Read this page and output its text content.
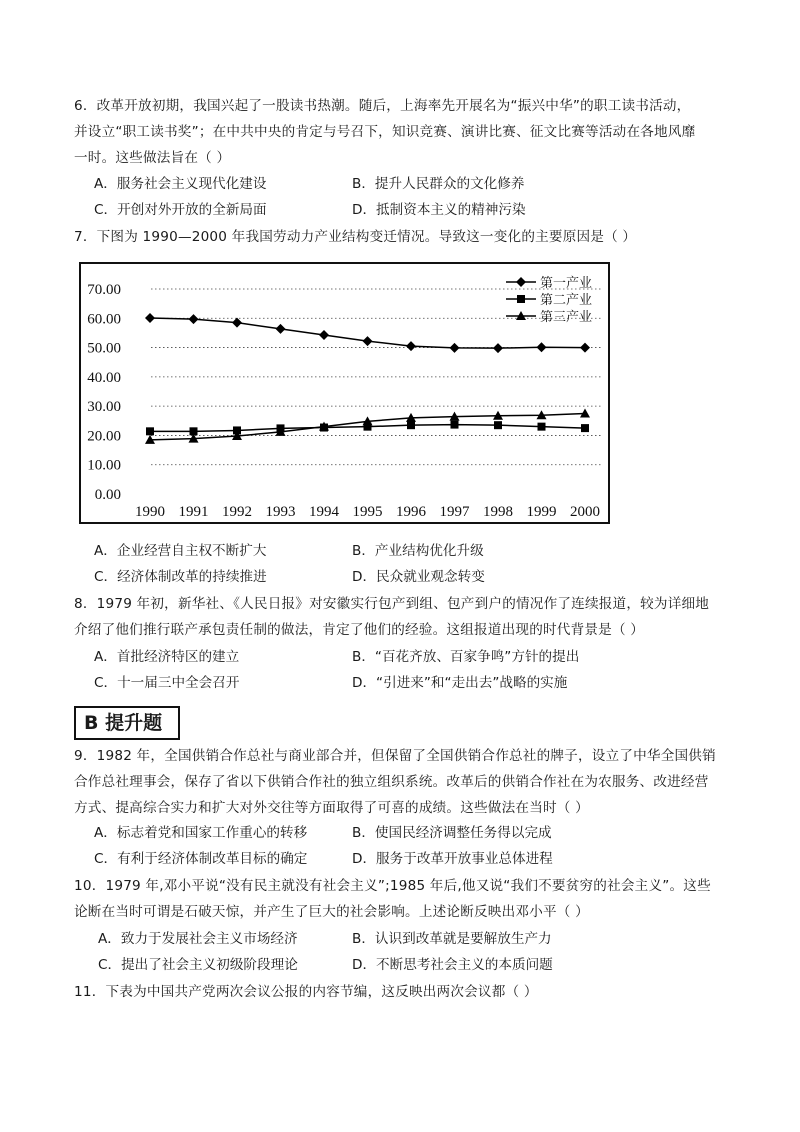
6．改革开放初期，我国兴起了一股读书热潮。随后，上海率先开展名为“振兴中华”的职工读书活动，
并设立“职工读书奖”；在中共中央的肯定与号召下，知识竞赛、演讲比赛、征文比赛等活动在各地风靡
一时。这些做法旨在（ ）
A．服务社会主义现代化建设	B．提升人民群众的文化修养
C．开创对外开放的全新局面	D．抵制资本主义的精神污染
7．下图为 1990—2000 年我国劳动力产业结构变迁情况。导致这一变化的主要原因是（ ）
0.00
10.00
20.00
30.00
40.00
50.00
60.00
70.00
1990 1991 1992 1993 1994 1995 1996 1997 1998 1999 2000
第一产业
第二产业
第三产业
A．企业经营自主权不断扩大	B．产业结构优化升级
C．经济体制改革的持续推进	D．民众就业观念转变
8．1979 年初，新华社、《人民日报》对安徽实行包产到组、包产到户的情况作了连续报道，较为详细地
介绍了他们推行联产承包责任制的做法，肯定了他们的经验。这组报道出现的时代背景是（ ）
A．首批经济特区的建立	B．“百花齐放、百家争鸣”方针的提出
C．十一届三中全会召开	D．“引进来”和“走出去”战略的实施
B 提升题
9．1982 年，全国供销合作总社与商业部合并，但保留了全国供销合作总社的牌子，设立了中华全国供销
合作总社理事会，保存了省以下供销合作社的独立组织系统。改革后的供销合作社在为农服务、改进经营
方式、提高综合实力和扩大对外交往等方面取得了可喜的成绩。这些做法在当时（ ）
A．标志着党和国家工作重心的转移	B．使国民经济调整任务得以完成
C．有利于经济体制改革目标的确定	D．服务于改革开放事业总体进程
10．1979 年,邓小平说“没有民主就没有社会主义”;1985 年后,他又说“我们不要贫穷的社会主义”。这些
论断在当时可谓是石破天惊，并产生了巨大的社会影响。上述论断反映出邓小平（ ）
A．致力于发展社会主义市场经济	B．认识到改革就是要解放生产力
C．提出了社会主义初级阶段理论	D．不断思考社会主义的本质问题
11．下表为中国共产党两次会议公报的内容节编，这反映出两次会议都（ ）
